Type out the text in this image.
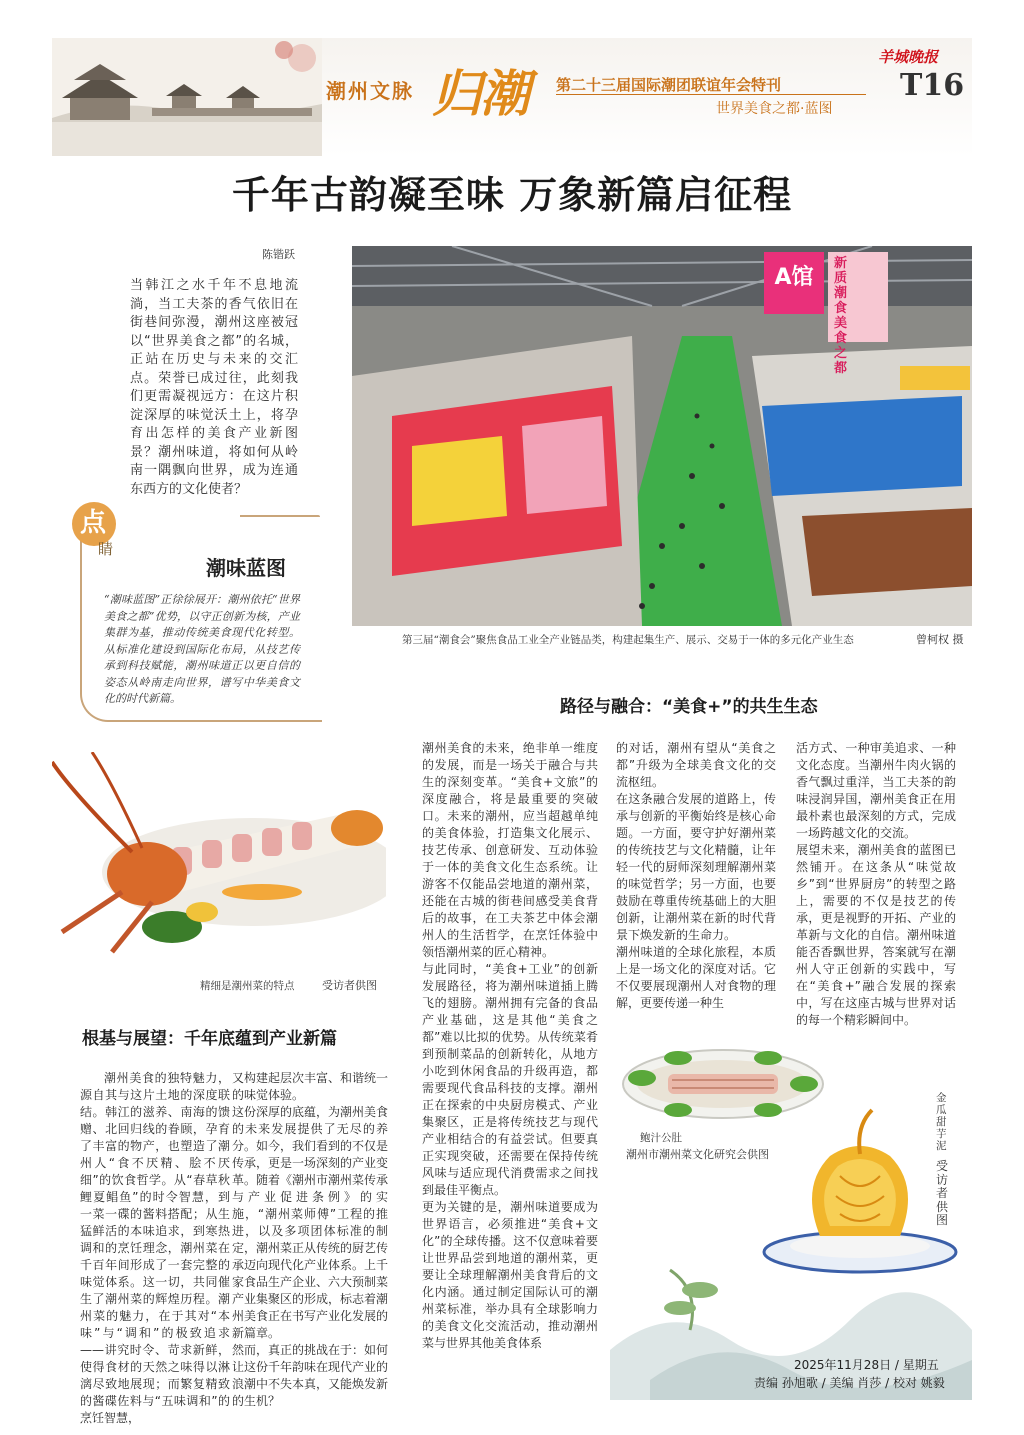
潮州文脉 归潮 第二十三届国际潮团联谊年会特刊
世界美食之都·蓝图
羊城晚报
T16
千年古韵凝至味 万象新篇启征程
陈锴跃
当韩江之水千年不息地流淌，当工夫茶的香气依旧在街巷间弥漫，潮州这座被冠以“世界美食之都”的名城，正站在历史与未来的交汇点。荣誉已成过往，此刻我们更需凝视远方：在这片积淀深厚的味觉沃土上，将孕育出怎样的美食产业新图景？潮州味道，将如何从岭南一隅飘向世界，成为连通东西方的文化使者？
点
睛
潮味蓝图
“潮味蓝图”正徐徐展开：潮州依托“世界美食之都”优势，以守正创新为核，产业集群为基，推动传统美食现代化转型。从标准化建设到国际化布局，从技艺传承到科技赋能，潮州味道正以更自信的姿态从岭南走向世界，谱写中华美食文化的时代新篇。
A馆
新质潮食美食之都
第三届“潮食会”聚焦食品工业全产业链品类，构建起集生产、展示、交易于一体的多元化产业生态	曾柯权 摄
路径与融合：“美食+”的共生生态
精细是潮州菜的特点	受访者供图
根基与展望：千年底蕴到产业新篇
潮州美食的独特魅力，源自其与这片土地的深度联结。韩江的滋养、南海的馈赠、北回归线的眷顾，孕育了丰富的物产，也塑造了潮州人“食不厌精、脍不厌细”的饮食哲学。从“春草秋鲤夏鲳鱼”的时令智慧，到一菜一碟的酱料搭配；从生猛鲜活的本味追求，到寒热调和的烹饪理念，潮州菜在千百年间形成了一套完整的味觉体系。这一切，共同催生了潮州菜的辉煌历程。潮州菜的魅力，在于其对“本味”与“调和”的极致追求——讲究时令、苛求新鲜，使得食材的天然之味得以淋漓尽致地展现；而繁复精致的酱碟佐料与“五味调和”的烹饪智慧，
又构建起层次丰富、和谐统一的味觉体验。
这份深厚的底蕴，为潮州美食的未来发展提供了无尽的养分。如今，我们看到的不仅是传承，更是一场深刻的产业变革。随着《潮州市潮州菜传承与产业促进条例》的实施，“潮州菜师傅”工程的推进，以及多项团体标准的制定，潮州菜正从传统的厨艺传承迈向现代化产业体系。上千家食品生产企业、六大预制菜产业集聚区的形成，标志着潮州美食正在书写产业化发展的新篇章。
然而，真正的挑战在于：如何让这份千年韵味在现代产业的浪潮中不失本真，又能焕发新的生机？
潮州美食的未来，绝非单一维度的发展，而是一场关于融合与共生的深刻变革。“美食+文旅”的深度融合，将是最重要的突破口。未来的潮州，应当超越单纯的美食体验，打造集文化展示、技艺传承、创意研发、互动体验于一体的美食文化生态系统。让游客不仅能品尝地道的潮州菜，还能在古城的街巷间感受美食背后的故事，在工夫茶艺中体会潮州人的生活哲学，在烹饪体验中领悟潮州菜的匠心精神。
与此同时，“美食+工业”的创新发展路径，将为潮州味道插上腾飞的翅膀。潮州拥有完备的食品产业基础，这是其他“美食之都”难以比拟的优势。从传统菜肴到预制菜品的创新转化，从地方小吃到休闲食品的升级再造，都需要现代食品科技的支撑。潮州正在探索的中央厨房模式、产业集聚区，正是将传统技艺与现代产业相结合的有益尝试。但要真正实现突破，还需要在保持传统风味与适应现代消费需求之间找到最佳平衡点。
更为关键的是，潮州味道要成为世界语言，必须推进“美食+文化”的全球传播。这不仅意味着要让世界品尝到地道的潮州菜，更要让全球理解潮州美食背后的文化内涵。通过制定国际认可的潮州菜标准，举办具有全球影响力的美食文化交流活动，推动潮州菜与世界其他美食体系
的对话，潮州有望从“美食之都”升级为全球美食文化的交流枢纽。
在这条融合发展的道路上，传承与创新的平衡始终是核心命题。一方面，要守护好潮州菜的传统技艺与文化精髓，让年轻一代的厨师深刻理解潮州菜的味觉哲学；另一方面，也要鼓励在尊重传统基础上的大胆创新，让潮州菜在新的时代背景下焕发新的生命力。
潮州味道的全球化旅程，本质上是一场文化的深度对话。它不仅要展现潮州人对食物的理解，更要传递一种生
活方式、一种审美追求、一种文化态度。当潮州牛肉火锅的香气飘过重洋，当工夫茶的韵味浸润异国，潮州美食正在用最朴素也最深刻的方式，完成一场跨越文化的交流。
展望未来，潮州美食的蓝图已然铺开。在这条从“味觉故乡”到“世界厨房”的转型之路上，需要的不仅是技艺的传承，更是视野的开拓、产业的革新与文化的自信。潮州味道能否香飘世界，答案就写在潮州人守正创新的实践中，写在“美食+”融合发展的探索中，写在这座古城与世界对话的每一个精彩瞬间中。
鲍汁公肚
潮州市潮州菜文化研究会供图
金瓜甜芋泥
受访者供图
2025年11月28日 / 星期五
责编 孙旭歌 / 美编 肖莎 / 校对 姚毅
